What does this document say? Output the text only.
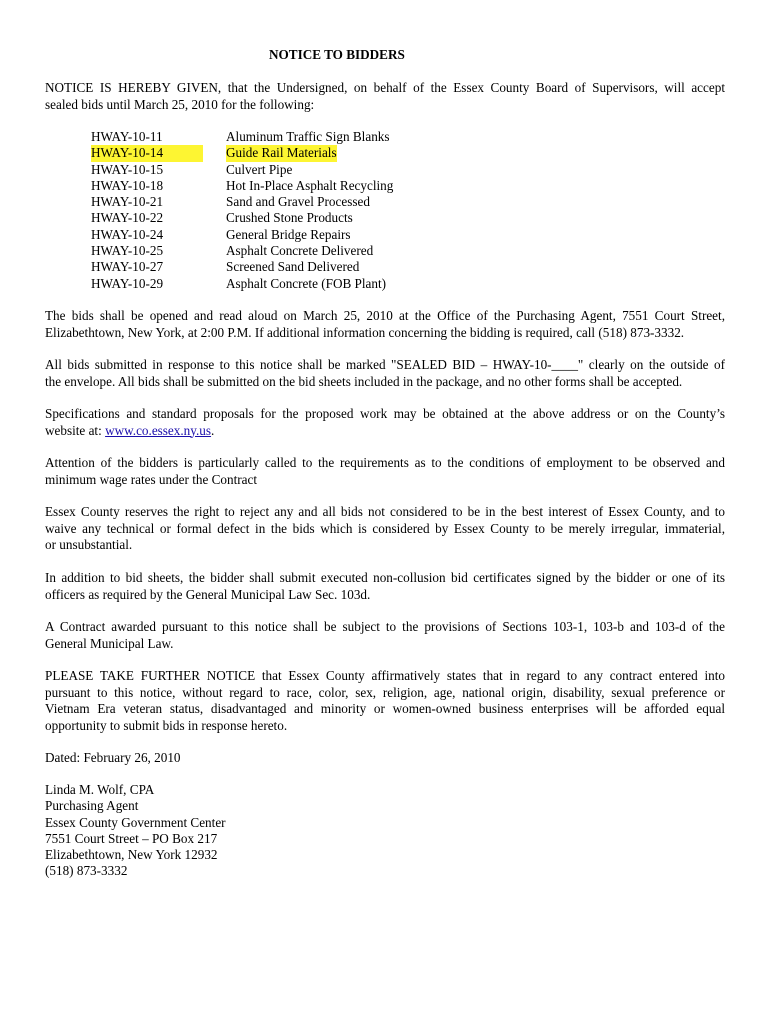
NOTICE TO BIDDERS
NOTICE IS HEREBY GIVEN, that the Undersigned, on behalf of the Essex County Board of Supervisors, will accept
sealed bids until March 25, 2010 for the following:
HWAY-10-11	Aluminum Traffic Sign Blanks
HWAY-10-14	Guide Rail Materials
HWAY-10-15	Culvert Pipe
HWAY-10-18	Hot In-Place Asphalt Recycling
HWAY-10-21	Sand and Gravel Processed
HWAY-10-22	Crushed Stone Products
HWAY-10-24	General Bridge Repairs
HWAY-10-25	Asphalt Concrete Delivered
HWAY-10-27	Screened Sand Delivered
HWAY-10-29	Asphalt Concrete (FOB Plant)
The bids shall be opened and read aloud on March 25, 2010 at the Office of the Purchasing Agent, 7551 Court Street,
Elizabethtown, New York, at 2:00 P.M. If additional information concerning the bidding is required, call (518) 873-3332.
All bids submitted in response to this notice shall be marked "SEALED BID – HWAY-10-____" clearly on the outside of
the envelope. All bids shall be submitted on the bid sheets included in the package, and no other forms shall be accepted.
Specifications and standard proposals for the proposed work may be obtained at the above address or on the County’s
website at: www.co.essex.ny.us.
Attention of the bidders is particularly called to the requirements as to the conditions of employment to be observed and
minimum wage rates under the Contract
Essex County reserves the right to reject any and all bids not considered to be in the best interest of Essex County, and to
waive any technical or formal defect in the bids which is considered by Essex County to be merely irregular, immaterial,
or unsubstantial.
In addition to bid sheets, the bidder shall submit executed non-collusion bid certificates signed by the bidder or one of its
officers as required by the General Municipal Law Sec. 103d.
A Contract awarded pursuant to this notice shall be subject to the provisions of Sections 103-1, 103-b and 103-d of the
General Municipal Law.
PLEASE TAKE FURTHER NOTICE that Essex County affirmatively states that in regard to any contract entered into
pursuant to this notice, without regard to race, color, sex, religion, age, national origin, disability, sexual preference or
Vietnam Era veteran status, disadvantaged and minority or women-owned business enterprises will be afforded equal
opportunity to submit bids in response hereto.
Dated: February 26, 2010
Linda M. Wolf, CPA
Purchasing Agent
Essex County Government Center
7551 Court Street – PO Box 217
Elizabethtown, New York 12932
(518) 873-3332
